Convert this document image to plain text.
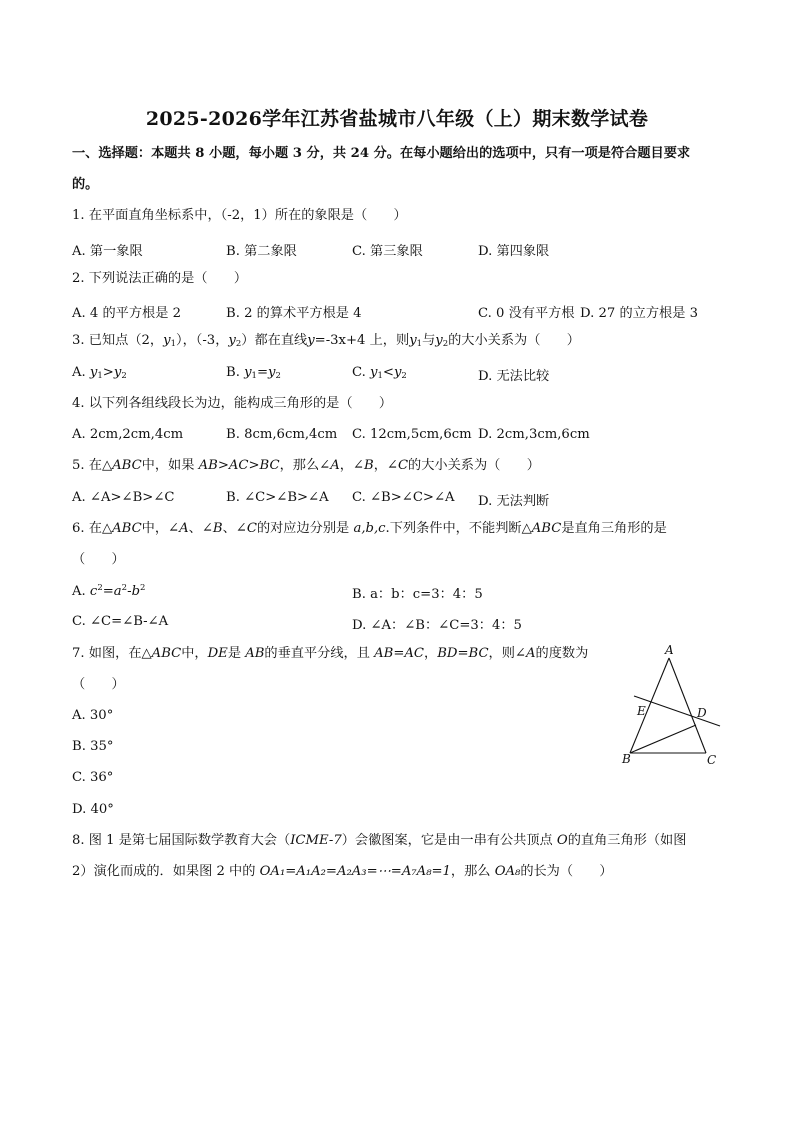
2025-2026学年江苏省盐城市八年级（上）期末数学试卷
一、选择题：本题共 8 小题，每小题 3 分，共 24 分。在每小题给出的选项中，只有一项是符合题目要求
的。
1. 在平面直角坐标系中，（-2，1）所在的象限是（　　）
A. 第一象限	B. 第二象限	C. 第三象限	D. 第四象限
2. 下列说法正确的是（　　）
A. 4 的平方根是 2	B. 2 的算术平方根是 4	C. 0 没有平方根 D. 27 的立方根是 3
3. 已知点（2，$y_1$），（-3，$y_2$）都在直线y=-3x+4 上，则$y_1$与$y_2$的大小关系为（　　）
A. $y_1>y_2$	B. $y_1=y_2$	C. $y_1<y_2$	D. 无法比较
4. 以下列各组线段长为边，能构成三角形的是（　　）
A. 2cm,2cm,4cm	B. 8cm,6cm,4cm C. 12cm,5cm,6cm D. 2cm,3cm,6cm
5. 在△ABC中，如果 AB>AC>BC，那么∠A，∠B，∠C的大小关系为（　　）
A. ∠A>∠B>∠C	B. ∠C>∠B>∠A C. ∠B>∠C>∠A D. 无法判断
6. 在△ABC中，∠A、∠B、∠C的对应边分别是 a,b,c.下列条件中，不能判断△ABC是直角三角形的是
（　　）
A. $c^2=a^2-b^2$	B. a：b：c=3：4：5
C. ∠C=∠B-∠A	D. ∠A：∠B：∠C=3：4：5
7. 如图，在△ABC中，DE是 AB的垂直平分线，且 AB=AC，BD=BC，则∠A的度数为
（　　）
A. 30°
B. 35°
C. 36°
D. 40°
A
B	C
D
E
8. 图 1 是第七届国际数学教育大会（ICME-7）会徽图案，它是由一串有公共顶点 O的直角三角形（如图
2）演化而成的．如果图 2 中的 OA₁=A₁A₂=A₂A₃=⋯=A₇A₈=1，那么 OA₈的长为（　　）
